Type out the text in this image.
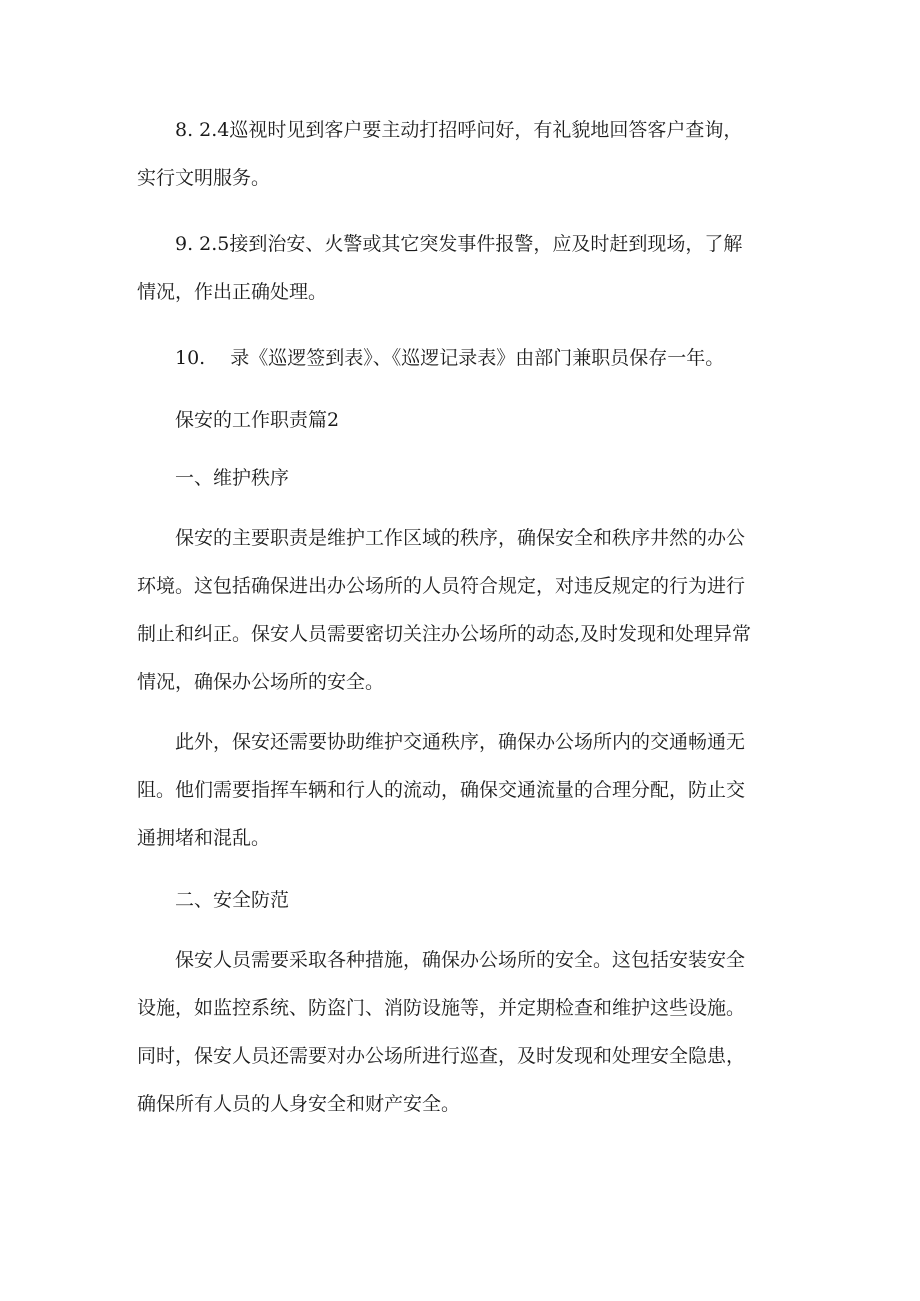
8. 2.4巡视时见到客户要主动打招呼问好，有礼貌地回答客户查询，
实行文明服务。

9. 2.5接到治安、火警或其它突发事件报警，应及时赶到现场，了解
情况，作出正确处理。

10.　 录《巡逻签到表》、《巡逻记录表》由部门兼职员保存一年。

保安的工作职责篇2

一、维护秩序

保安的主要职责是维护工作区域的秩序，确保安全和秩序井然的办公
环境。这包括确保进出办公场所的人员符合规定，对违反规定的行为进行
制止和纠正。保安人员需要密切关注办公场所的动态,及时发现和处理异常
情况，确保办公场所的安全。

此外，保安还需要协助维护交通秩序，确保办公场所内的交通畅通无
阻。他们需要指挥车辆和行人的流动，确保交通流量的合理分配，防止交
通拥堵和混乱。

二、安全防范

保安人员需要采取各种措施，确保办公场所的安全。这包括安装安全
设施，如监控系统、防盗门、消防设施等，并定期检查和维护这些设施。
同时，保安人员还需要对办公场所进行巡查，及时发现和处理安全隐患，
确保所有人员的人身安全和财产安全。
